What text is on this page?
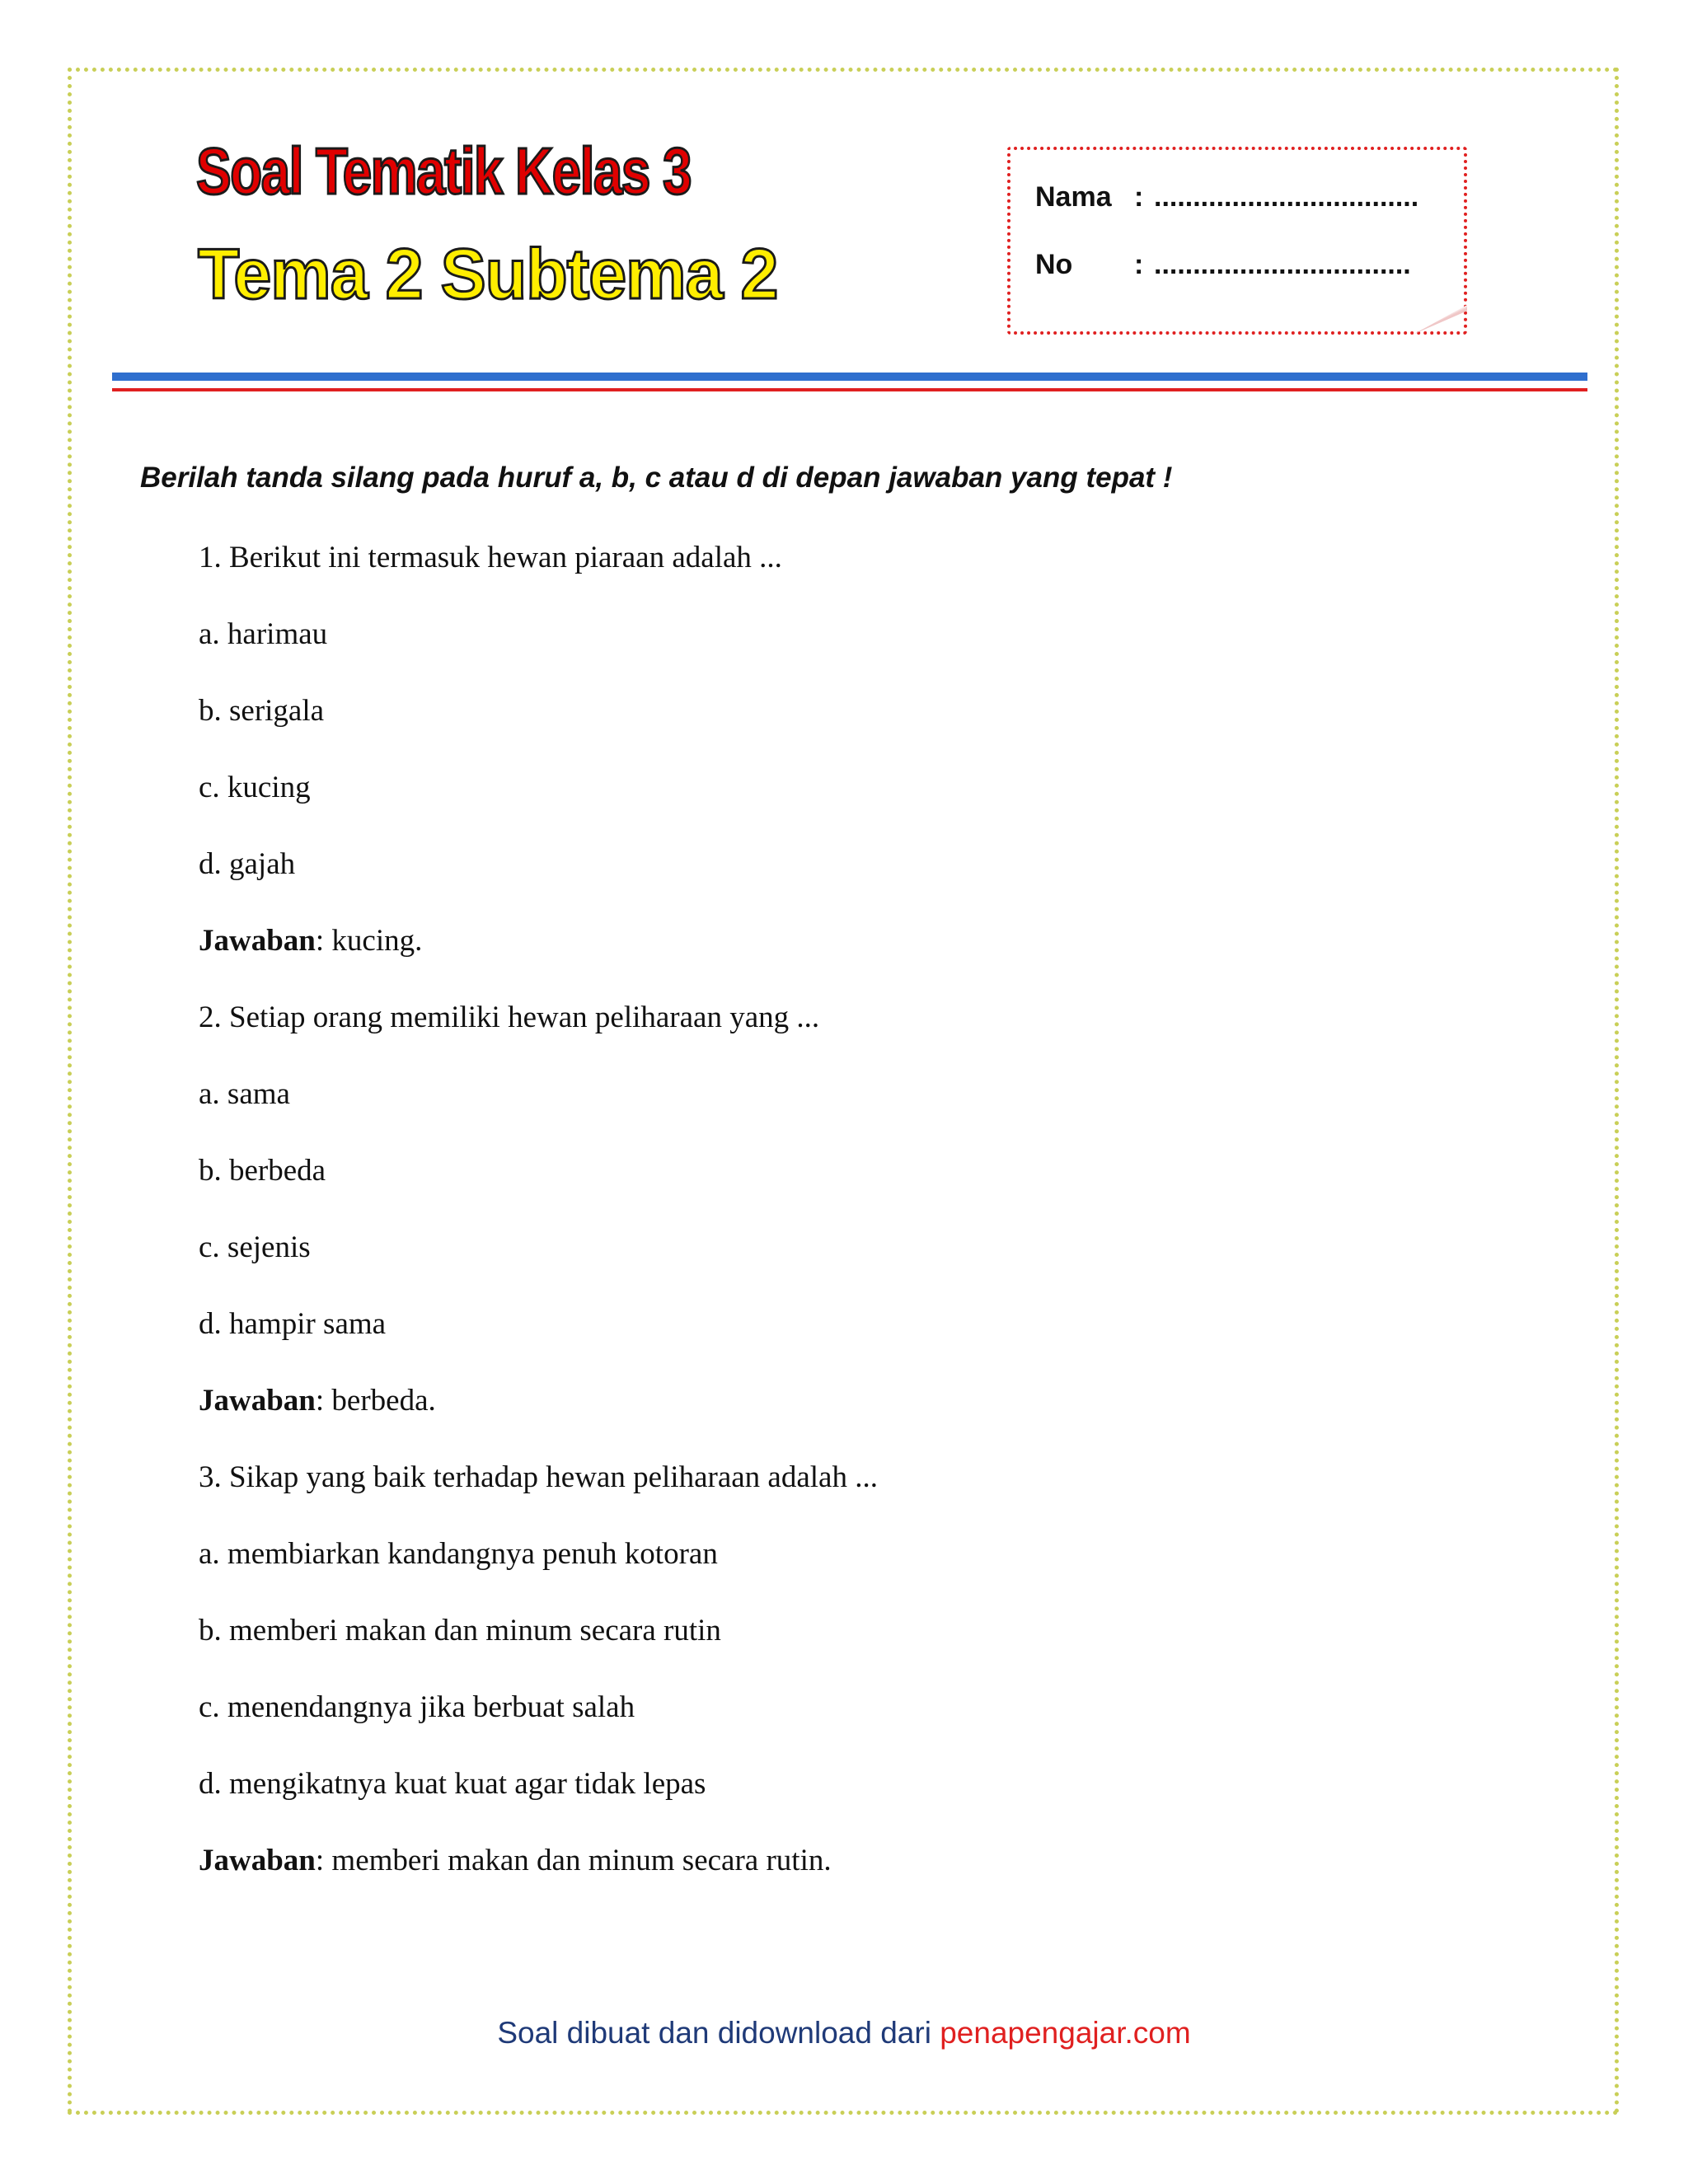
Soal Tematik Kelas 3
Tema 2 Subtema 2
Nama : ..................................
No : .................................
Berilah tanda silang pada huruf a, b, c atau d di depan jawaban yang tepat !
1. Berikut ini termasuk hewan piaraan adalah ...
a. harimau
b. serigala
c. kucing
d. gajah
Jawaban: kucing.
2. Setiap orang memiliki hewan peliharaan yang ...
a. sama
b. berbeda
c. sejenis
d. hampir sama
Jawaban: berbeda.
3. Sikap yang baik terhadap hewan peliharaan adalah ...
a. membiarkan kandangnya penuh kotoran
b. memberi makan dan minum secara rutin
c. menendangnya jika berbuat salah
d. mengikatnya kuat kuat agar tidak lepas
Jawaban: memberi makan dan minum secara rutin.
Soal dibuat dan didownload dari penapengajar.com
